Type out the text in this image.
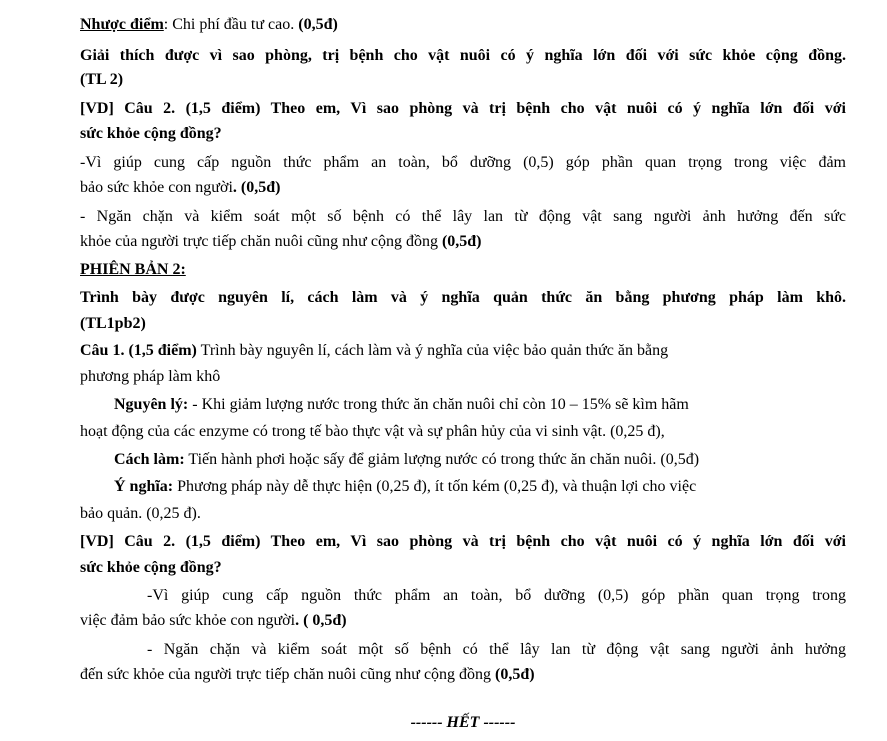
Nhược điểm: Chi phí đầu tư cao. (0,5đ)

Giải thích được vì sao phòng, trị bệnh cho vật nuôi có ý nghĩa lớn đối với sức khỏe cộng đồng.

(TL 2)

[VD] Câu 2. (1,5 điểm) Theo em, Vì sao phòng và trị bệnh cho vật nuôi có ý nghĩa lớn đối với

sức khỏe cộng đồng?

-Vì giúp cung cấp nguồn thức phẩm an toàn, bổ dưỡng (0,5) góp phần quan trọng trong việc đảm

bảo sức khỏe con người. (0,5đ)

- Ngăn chặn và kiểm soát một số bệnh có thể lây lan từ động vật sang người ảnh hưởng đến sức

khỏe của người trực tiếp chăn nuôi cũng như cộng đồng (0,5đ)

PHIÊN BẢN 2:

Trình bày được nguyên lí, cách làm và ý nghĩa quản thức ăn bằng phương pháp làm khô.

(TL1pb2)

Câu 1. (1,5 điểm) Trình bày nguyên lí, cách làm và ý nghĩa của việc bảo quản thức ăn bằng

phương pháp làm khô

Nguyên lý: - Khi giảm lượng nước trong thức ăn chăn nuôi chỉ còn 10 – 15% sẽ kìm hãm

hoạt động của các enzyme có trong tế bào thực vật và sự phân hủy của vi sinh vật. (0,25 đ),

Cách làm: Tiến hành phơi hoặc sấy để giảm lượng nước có trong thức ăn chăn nuôi. (0,5đ)

Ý nghĩa: Phương pháp này dễ thực hiện (0,25 đ), ít tốn kém (0,25 đ), và thuận lợi cho việc

bảo quản. (0,25 đ).

[VD] Câu 2. (1,5 điểm) Theo em, Vì sao phòng và trị bệnh cho vật nuôi có ý nghĩa lớn đối với

sức khỏe cộng đồng?

-Vì giúp cung cấp nguồn thức phẩm an toàn, bổ dưỡng (0,5) góp phần quan trọng trong

việc đảm bảo sức khỏe con người. ( 0,5đ)

- Ngăn chặn và kiểm soát một số bệnh có thể lây lan từ động vật sang người ảnh hưởng

đến sức khỏe của người trực tiếp chăn nuôi cũng như cộng đồng (0,5đ)

------ HẾT ------
